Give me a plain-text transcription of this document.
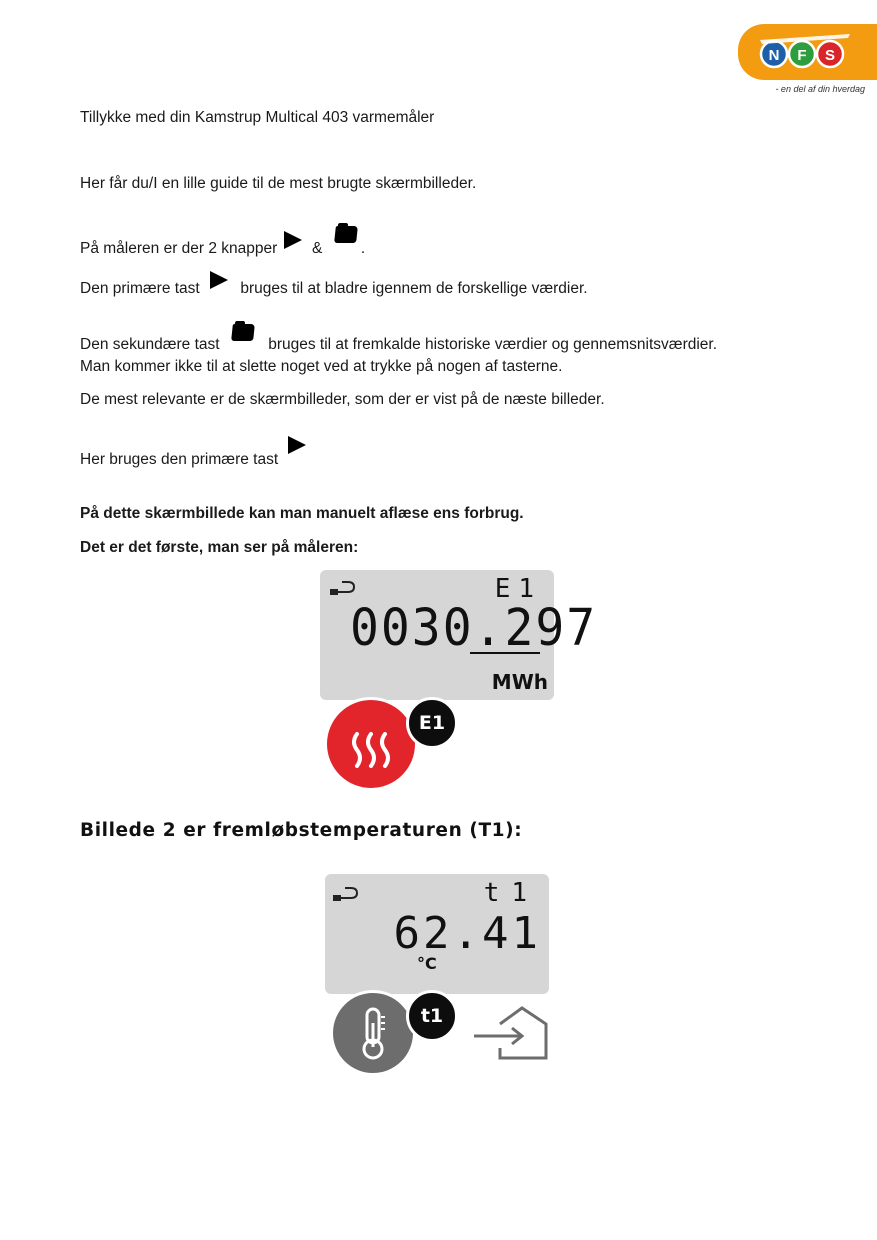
N F S
- en del af din hverdag
Tillykke med din Kamstrup Multical 403 varmemåler
Her får du/I en lille guide til de mest brugte skærmbilleder.
På måleren er der 2 knapper & .
Den primære tast	bruges til at bladre igennem de forskellige værdier.
Den sekundære tast	bruges til at fremkalde historiske værdier og gennemsnitsværdier.
Man kommer ikke til at slette noget ved at trykke på nogen af tasterne.
De mest relevante er de skærmbilleder, som der er vist på de næste billeder.
Her bruges den primære tast
På dette skærmbillede kan man manuelt aflæse ens forbrug.
Det er det første, man ser på måleren:
E1
0030.297
MWh
E1
Billede 2 er fremløbstemperaturen (T1):
t1
62.41
°C
t1
